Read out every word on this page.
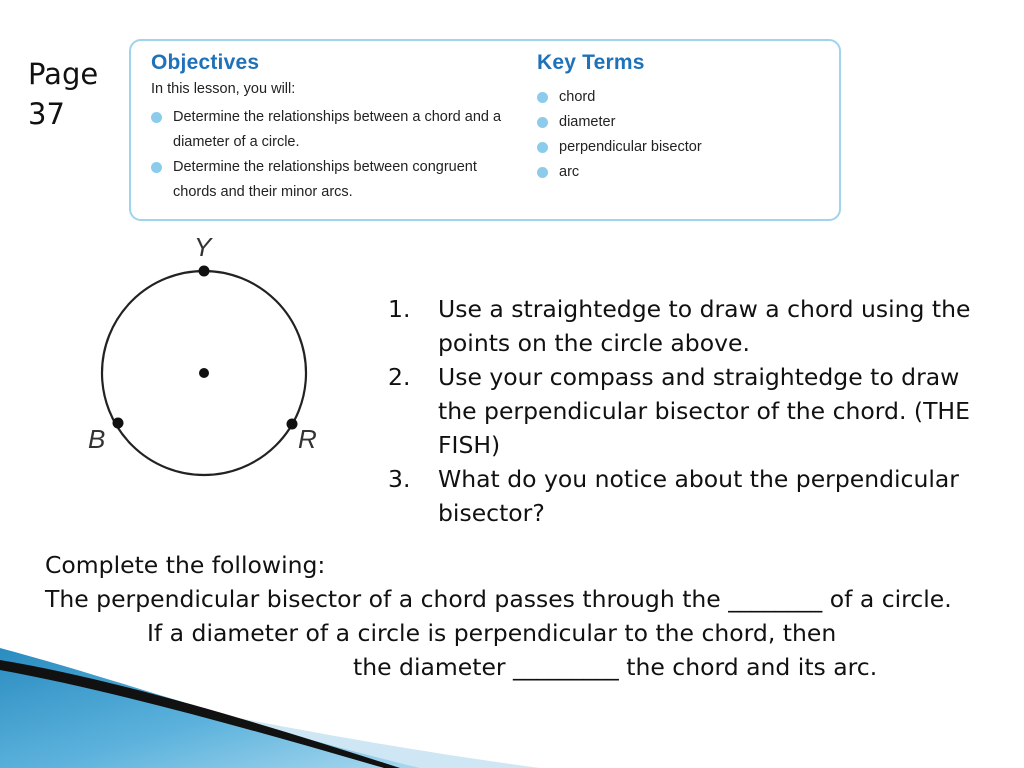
Page
37
Objectives
In this lesson, you will:
Determine the relationships between a chord and a diameter of a circle.
Determine the relationships between congruent chords and their minor arcs.
Key Terms
chord
diameter
perpendicular bisector
arc
Y
B	R
1. Use a straightedge to draw a chord using the points on the circle above.
2. Use your compass and straightedge to draw the perpendicular bisector of the chord. (THE FISH)
3. What do you notice about the perpendicular bisector?

Complete the following:

The perpendicular bisector of a chord passes through the ________ of a circle.

If a diameter of a circle is perpendicular to the chord, then

the diameter _________ the chord and its arc.
